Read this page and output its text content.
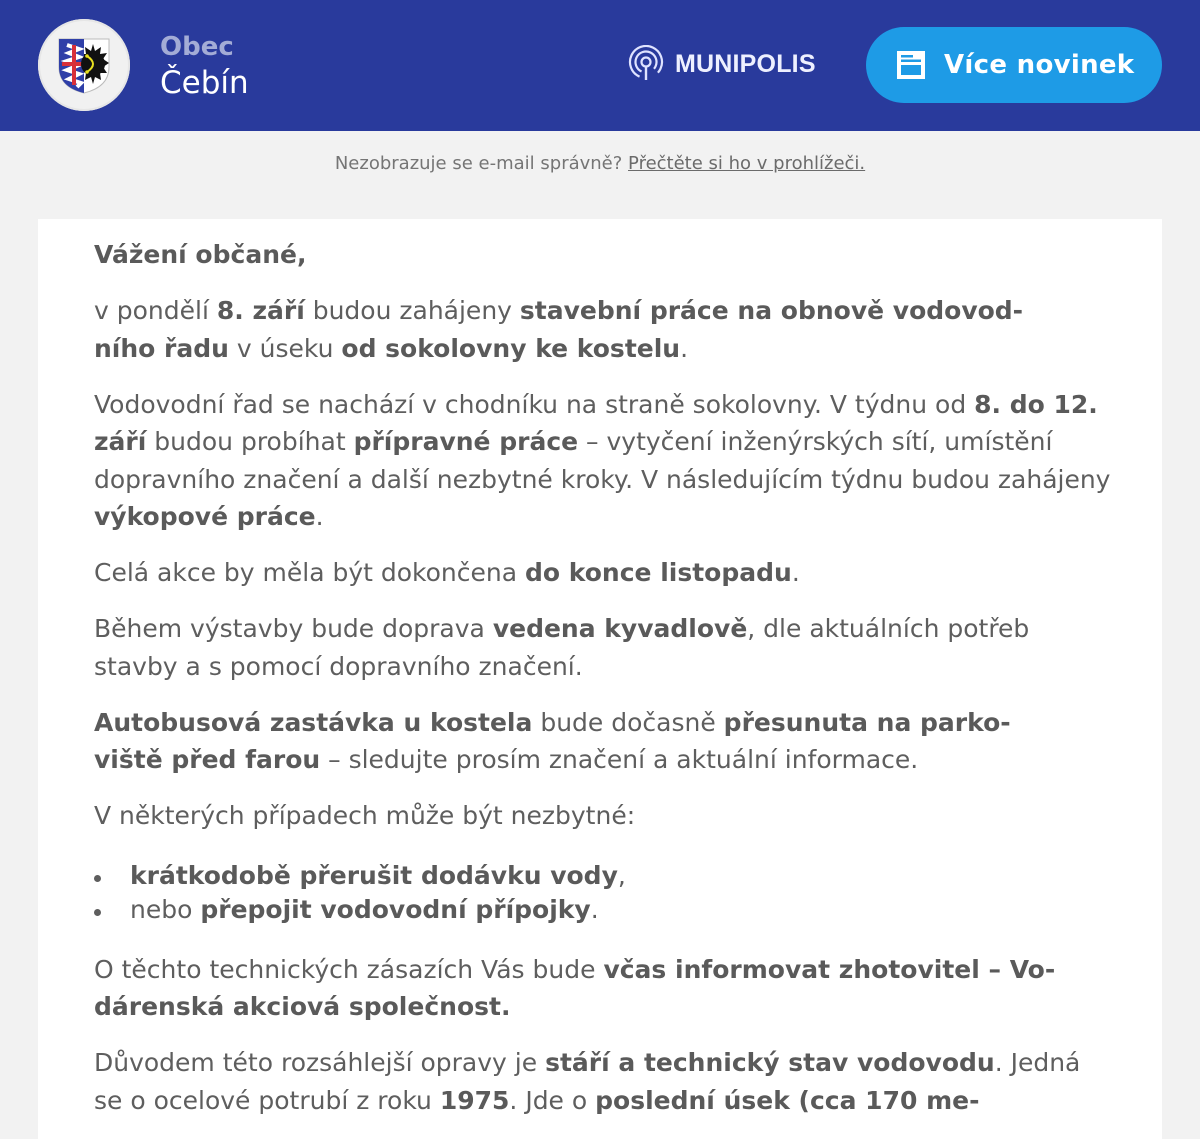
Obec
Čebín
MUNIPOLIS	Více novinek
Nezobrazuje se e-mail správně? Přečtěte si ho v prohlížeči.

Vážení občané,

v pondělí 8. září budou zahájeny stavební práce na obnově vodovod-
ního řadu v úseku od sokolovny ke kostelu.

Vodovodní řad se nachází v chodníku na straně sokolovny. V týdnu od 8. do 12. září budou probíhat přípravné práce – vytyčení inženýrských sítí, umístění dopravního značení a další nezbytné kroky. V následujícím týdnu budou zahájeny výkopové práce.

Celá akce by měla být dokončena do konce listopadu.

Během výstavby bude doprava vedena kyvadlově, dle aktuálních potřeb stavby a s pomocí dopravního značení.

Autobusová zastávka u kostela bude dočasně přesunuta na parko-
viště před farou – sledujte prosím značení a aktuální informace.

V některých případech může být nezbytné:

krátkodobě přerušit dodávku vody,
nebo přepojit vodovodní přípojky.

O těchto technických zásazích Vás bude včas informovat zhotovitel – Vo-
dárenská akciová společnost.

Důvodem této rozsáhlejší opravy je stáří a technický stav vodovodu. Jedná se o ocelové potrubí z roku 1975. Jde o poslední úsek (cca 170 me-
